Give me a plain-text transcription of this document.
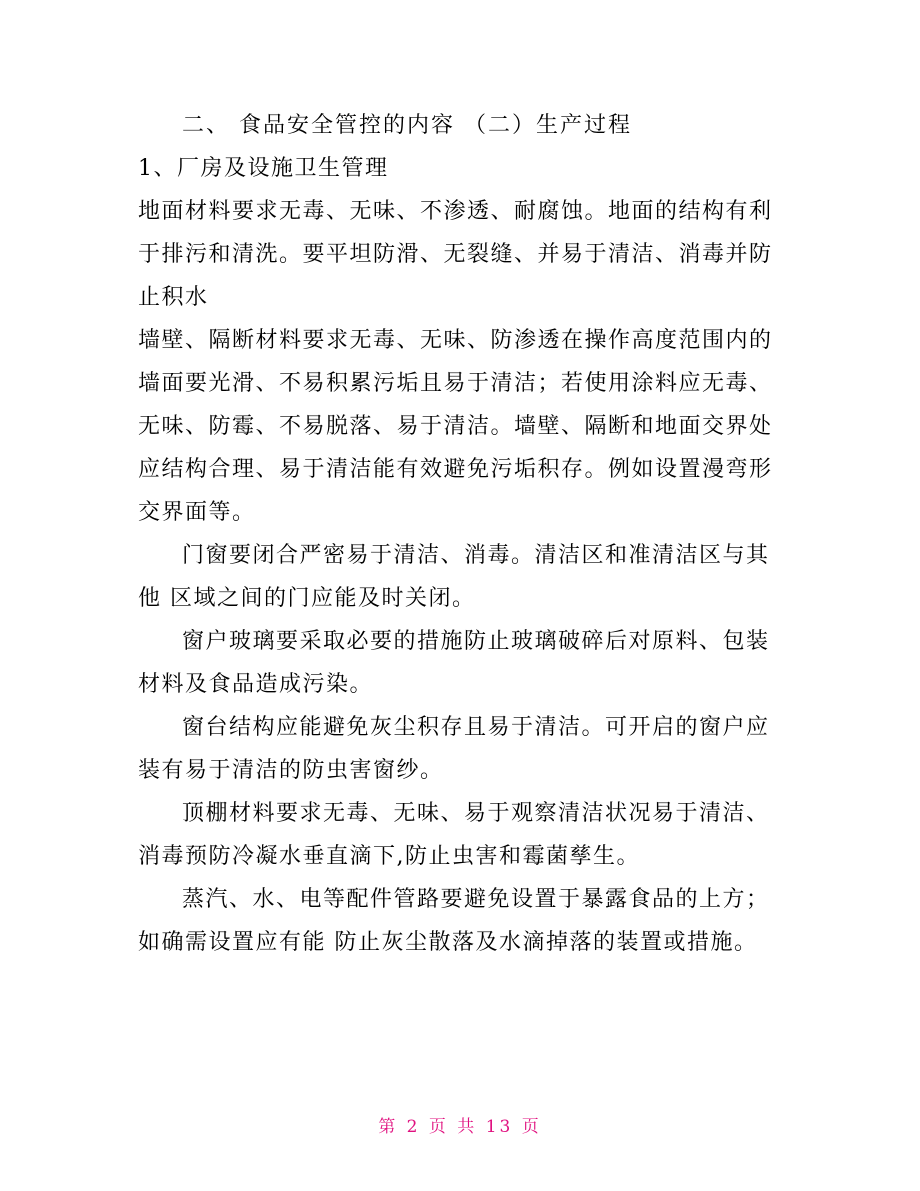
二、 食品安全管控的内容 （二）生产过程
1、厂房及设施卫生管理
地面材料要求无毒、无味、不渗透、耐腐蚀。地面的结构有利
于排污和清洗。要平坦防滑、无裂缝、并易于清洁、消毒并防
止积水
墙壁、隔断材料要求无毒、无味、防渗透在操作高度范围内的
墙面要光滑、不易积累污垢且易于清洁；若使用涂料应无毒、
无味、防霉、不易脱落、易于清洁。墙壁、隔断和地面交界处
应结构合理、易于清洁能有效避免污垢积存。例如设置漫弯形
交界面等。
门窗要闭合严密易于清洁、消毒。清洁区和准清洁区与其
他 区域之间的门应能及时关闭。
窗户玻璃要采取必要的措施防止玻璃破碎后对原料、包装
材料及食品造成污染。
窗台结构应能避免灰尘积存且易于清洁。可开启的窗户应
装有易于清洁的防虫害窗纱。
顶棚材料要求无毒、无味、易于观察清洁状况易于清洁、
消毒预防冷凝水垂直滴下,防止虫害和霉菌孳生。
蒸汽、水、电等配件管路要避免设置于暴露食品的上方；
如确需设置应有能 防止灰尘散落及水滴掉落的装置或措施。
第 2 页 共 13 页
